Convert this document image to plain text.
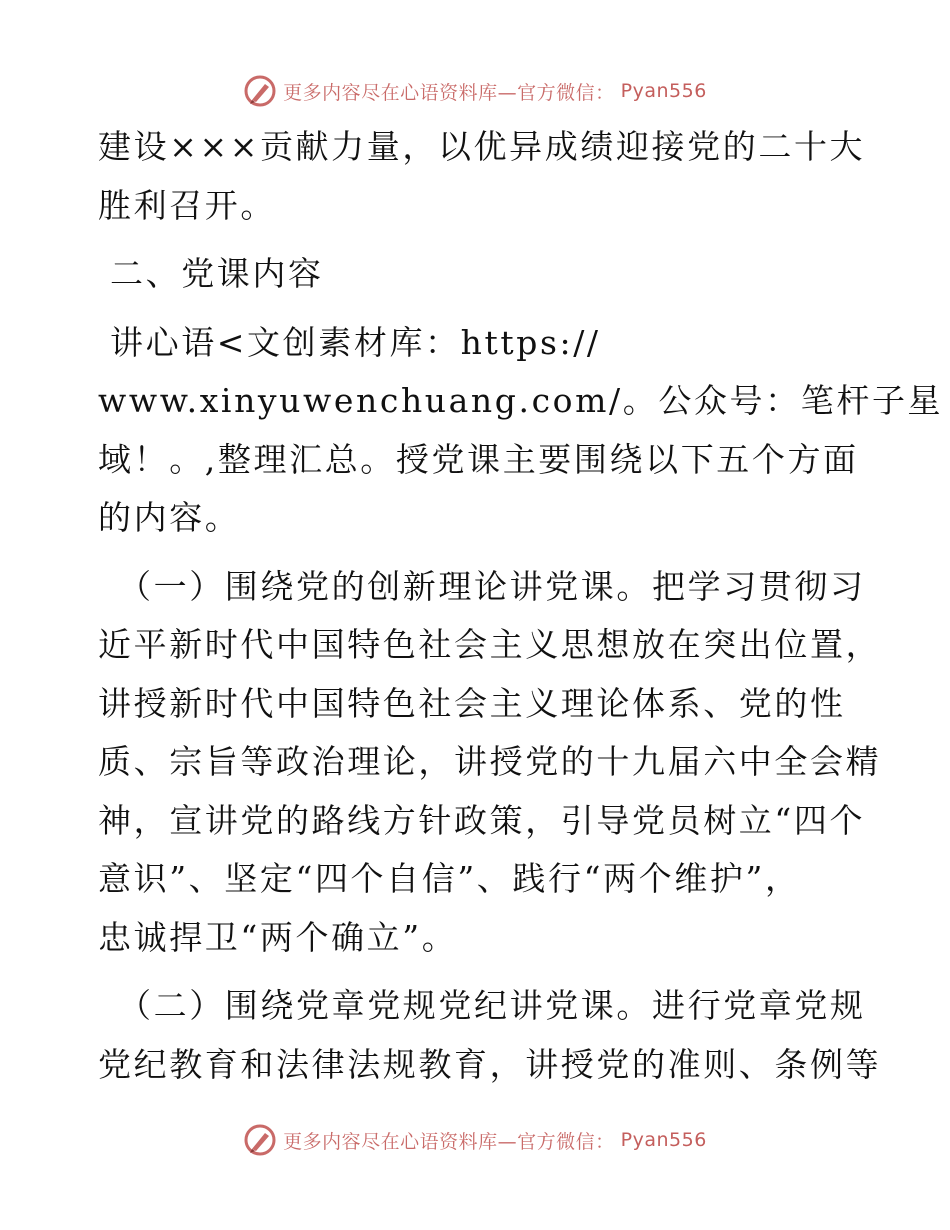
更多内容尽在心语资料库—官方微信： Pyan556
建设×××贡献力量，以优异成绩迎接党的二十大
胜利召开。
二、党课内容
讲心语<文创素材库：https://
www.xinyuwenchuang.com/。公众号：笔杆子星
域！。,整理汇总。授党课主要围绕以下五个方面
的内容。
（一）围绕党的创新理论讲党课。把学习贯彻习
近平新时代中国特色社会主义思想放在突出位置，
讲授新时代中国特色社会主义理论体系、党的性
质、宗旨等政治理论，讲授党的十九届六中全会精
神，宣讲党的路线方针政策，引导党员树立“四个
意识”、坚定“四个自信”、践行“两个维护”，
忠诚捍卫“两个确立”。
（二）围绕党章党规党纪讲党课。进行党章党规
党纪教育和法律法规教育，讲授党的准则、条例等
更多内容尽在心语资料库—官方微信： Pyan556
